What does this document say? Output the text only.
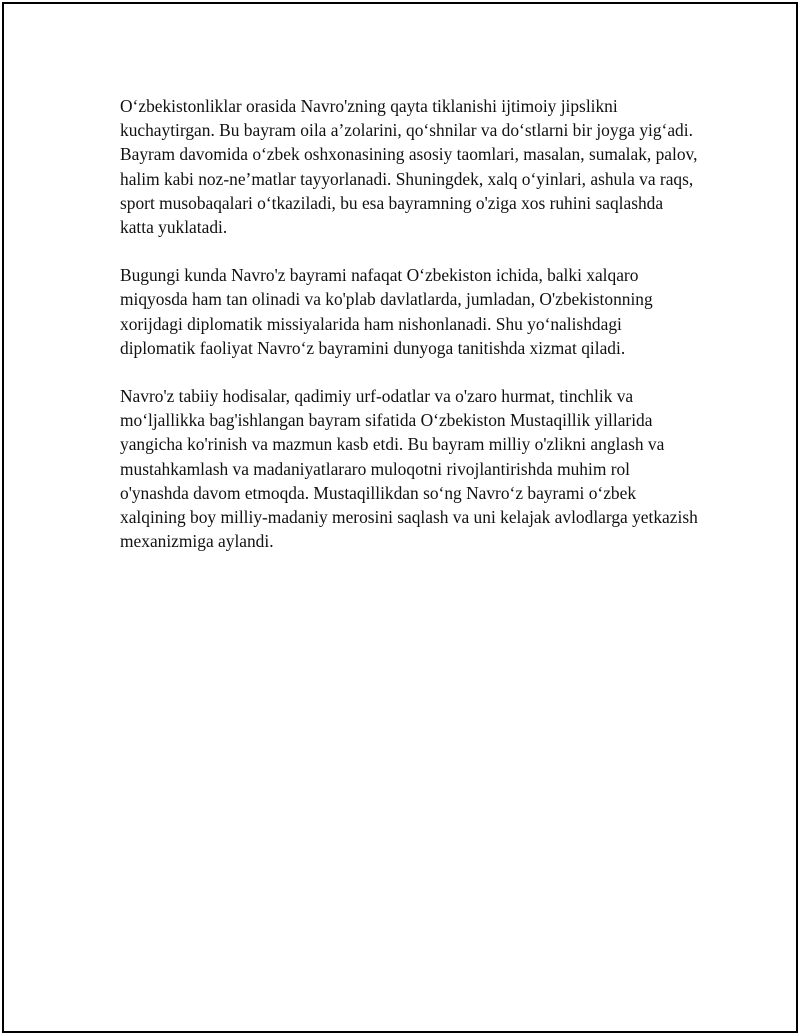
O‘zbekistonliklar orasida Navro'zning qayta tiklanishi ijtimoiy jipslikni kuchaytirgan. Bu bayram oila a’zolarini, qo‘shnilar va do‘stlarni bir joyga yig‘adi. Bayram davomida o‘zbek oshxonasining asosiy taomlari, masalan, sumalak, palov, halim kabi noz-ne’matlar tayyorlanadi. Shuningdek, xalq o‘yinlari, ashula va raqs, sport musobaqalari o‘tkaziladi, bu esa bayramning o'ziga xos ruhini saqlashda katta yuklatadi.

Bugungi kunda Navro'z bayrami nafaqat O‘zbekiston ichida, balki xalqaro miqyosda ham tan olinadi va ko'plab davlatlarda, jumladan, O'zbekistonning xorijdagi diplomatik missiyalarida ham nishonlanadi. Shu yo‘nalishdagi diplomatik faoliyat Navro‘z bayramini dunyoga tanitishda xizmat qiladi.

Navro'z tabiiy hodisalar, qadimiy urf-odatlar va o'zaro hurmat, tinchlik va mo‘ljallikka bag'ishlangan bayram sifatida O‘zbekiston Mustaqillik yillarida yangicha ko'rinish va mazmun kasb etdi. Bu bayram milliy o'zlikni anglash va mustahkamlash va madaniyatlararo muloqotni rivojlantirishda muhim rol o'ynashda davom etmoqda. Mustaqillikdan so‘ng Navro‘z bayrami o‘zbek xalqining boy milliy-madaniy merosini saqlash va uni kelajak avlodlarga yetkazish mexanizmiga aylandi.
